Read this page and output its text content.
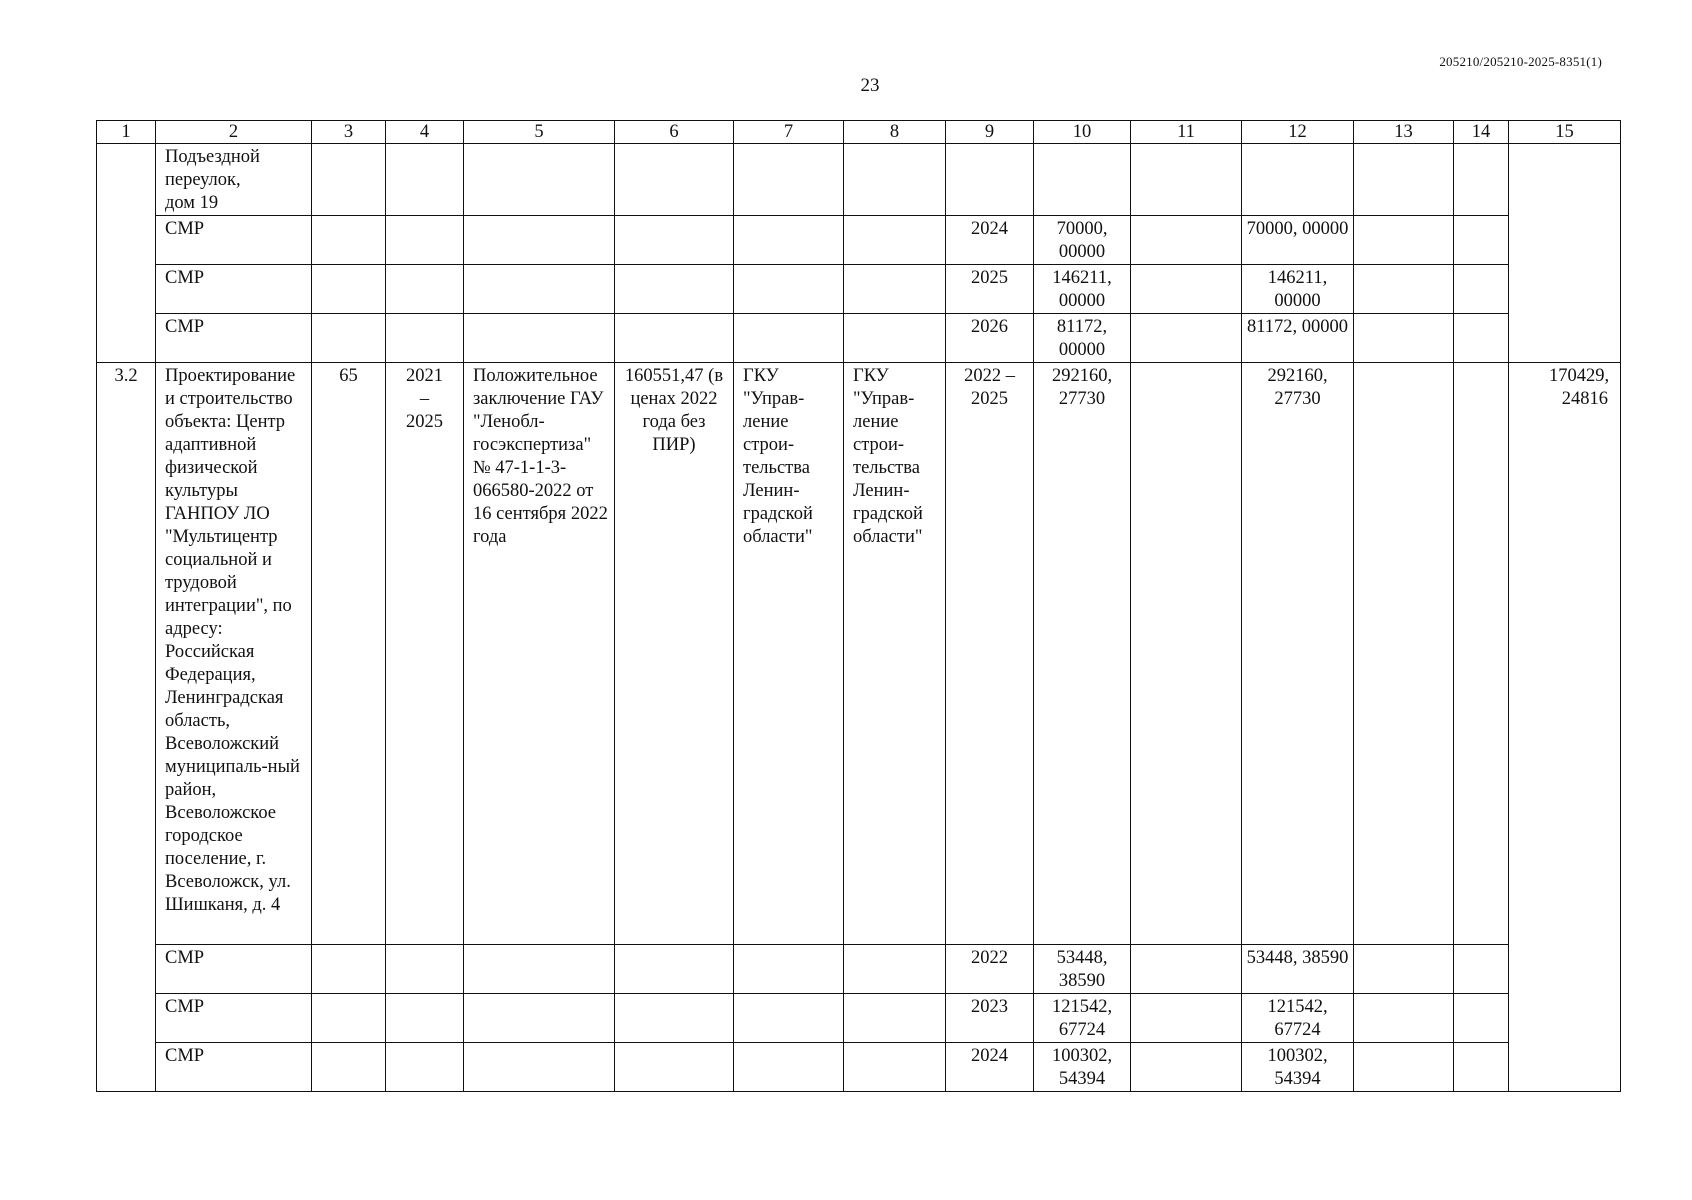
205210/205210-2025-8351(1)
23
1	2	3	4	5	6	7	8	9	10	11	12	13	14	15
	Подъездной переулок, дом 19													
	СМР							2024	70000, 00000		70000, 00000			
	СМР							2025	146211, 00000		146211, 00000			
	СМР							2026	81172, 00000		81172, 00000			
3.2	Проектирование и строительство объекта: Центр адаптивной физической культуры ГАНПОУ ЛО "Мультицентр социальной и трудовой интеграции", по адресу: Российская Федерация, Ленинградская область, Всеволожский муниципаль-ный район, Всеволожское городское поселение, г. Всеволожск, ул. Шишканя, д. 4	65	2021 – 2025	Положительное заключение ГАУ "Ленобл-госэкспертиза" № 47-1-1-3-066580-2022 от 16 сентября 2022 года	160551,47 (в ценах 2022 года без ПИР)	ГКУ "Управ-ление строи-тельства Ленин-градской области"	ГКУ "Управ-ление строи-тельства Ленин-градской области"	2022 – 2025	292160, 27730		292160, 27730			170429, 24816
	СМР							2022	53448, 38590		53448, 38590			
	СМР							2023	121542, 67724		121542, 67724			
	СМР							2024	100302, 54394		100302, 54394			
